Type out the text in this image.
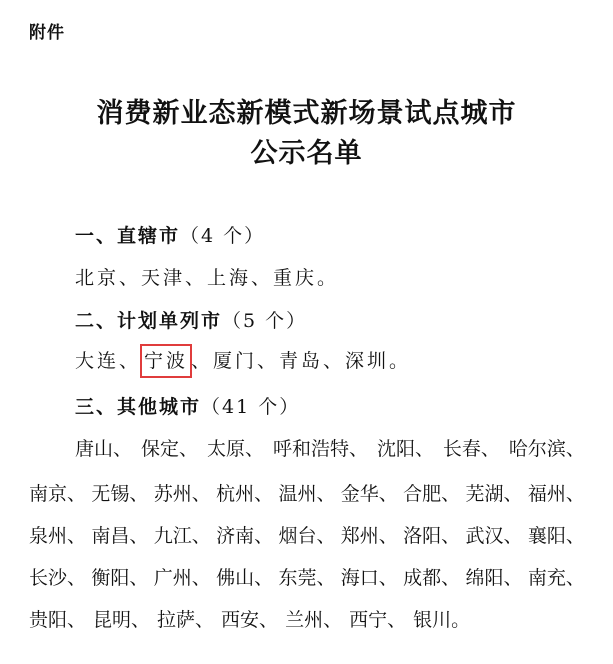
附件
消费新业态新模式新场景试点城市
公示名单
一、直辖市（4 个）
北京、天津、上海、重庆。
二、计划单列市（5 个）
大连、 宁波 、厦门、青岛、深圳。
三、其他城市（41 个）
唐山、 保定、 太原、 呼和浩特、 沈阳、 长春、 哈尔滨、
南京、 无锡、 苏州、 杭州、 温州、 金华、 合肥、 芜湖、 福州、
泉州、 南昌、 九江、 济南、 烟台、 郑州、 洛阳、 武汉、 襄阳、
长沙、 衡阳、 广州、 佛山、 东莞、 海口、 成都、 绵阳、 南充、
贵阳、 昆明、 拉萨、 西安、 兰州、 西宁、 银川。
